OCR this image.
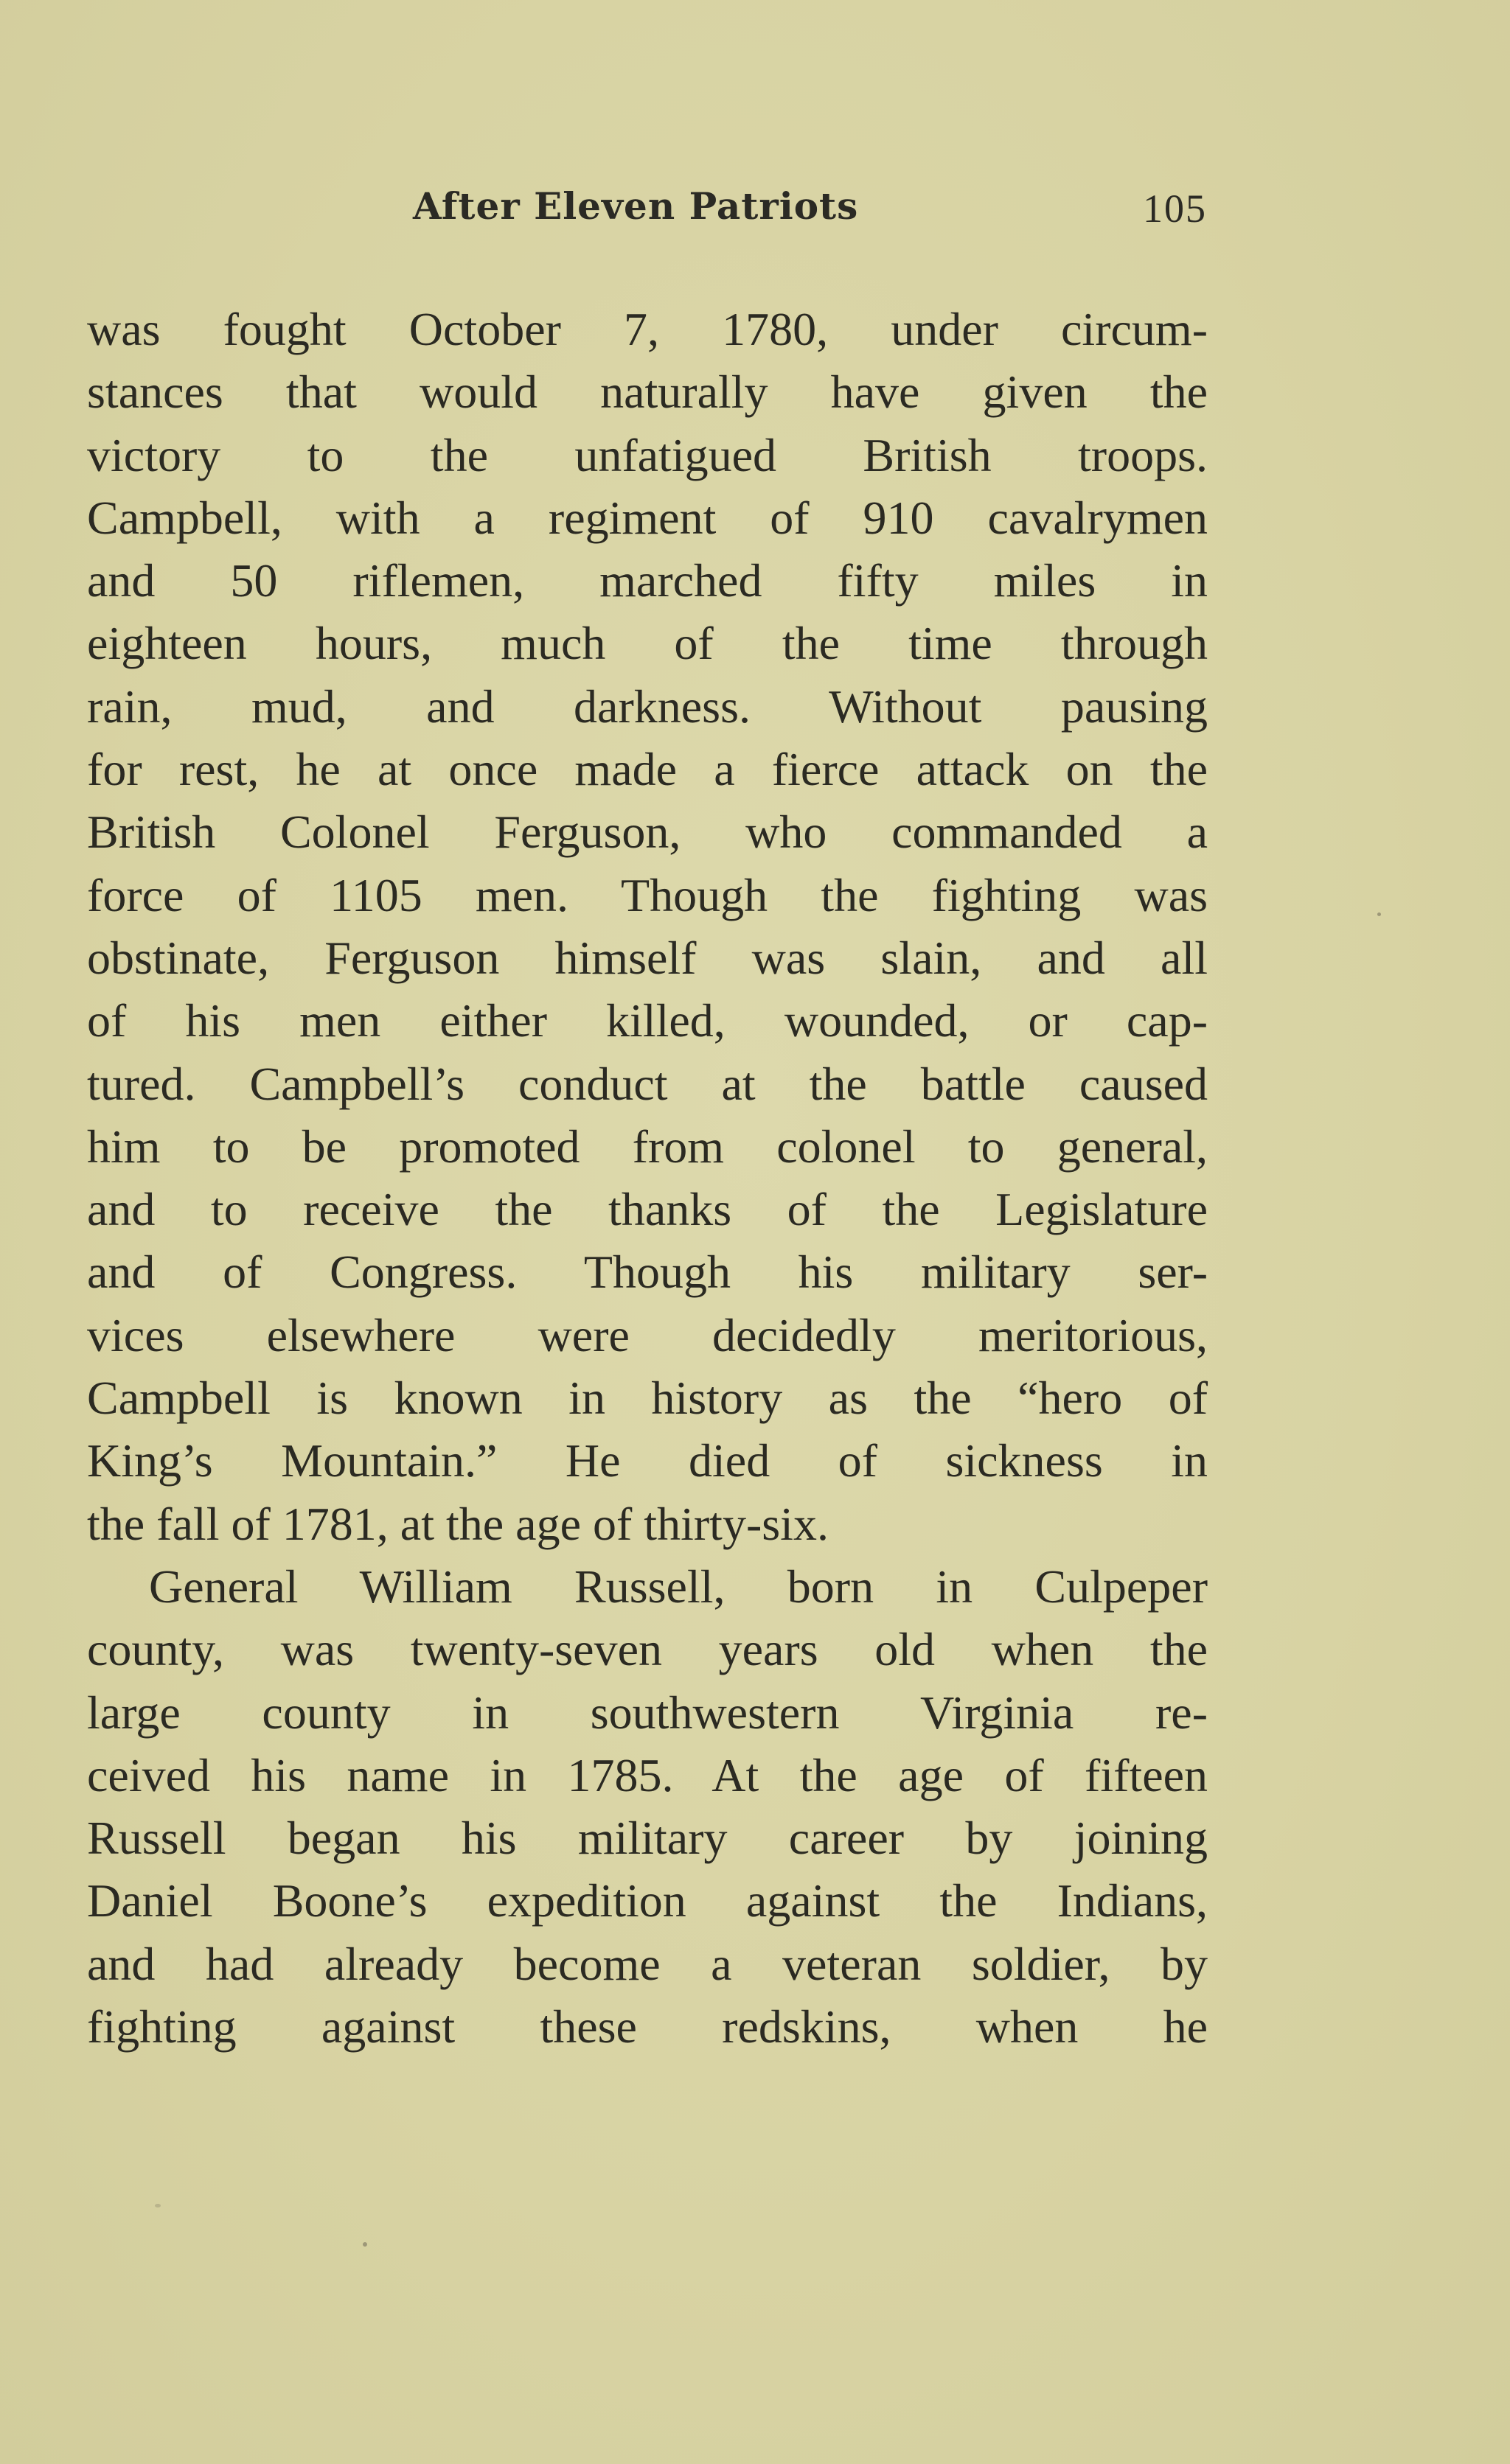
After Eleven Patriots	105
was fought October 7, 1780, under circum-
stances that would naturally have given the
victory to the unfatigued British troops.
Campbell, with a regiment of 910 cavalrymen
and 50 riflemen, marched fifty miles in
eighteen hours, much of the time through
rain, mud, and darkness. Without pausing
for rest, he at once made a fierce attack on the
British Colonel Ferguson, who commanded a
force of 1105 men. Though the fighting was
obstinate, Ferguson himself was slain, and all
of his men either killed, wounded, or cap-
tured. Campbell’s conduct at the battle caused
him to be promoted from colonel to general,
and to receive the thanks of the Legislature
and of Congress. Though his military ser-
vices elsewhere were decidedly meritorious,
Campbell is known in history as the “hero of
King’s Mountain.” He died of sickness in
the fall of 1781, at the age of thirty-six.
General William Russell, born in Culpeper
county, was twenty-seven years old when the
large county in southwestern Virginia re-
ceived his name in 1785. At the age of fifteen
Russell began his military career by joining
Daniel Boone’s expedition against the Indians,
and had already become a veteran soldier, by
fighting against these redskins, when he
